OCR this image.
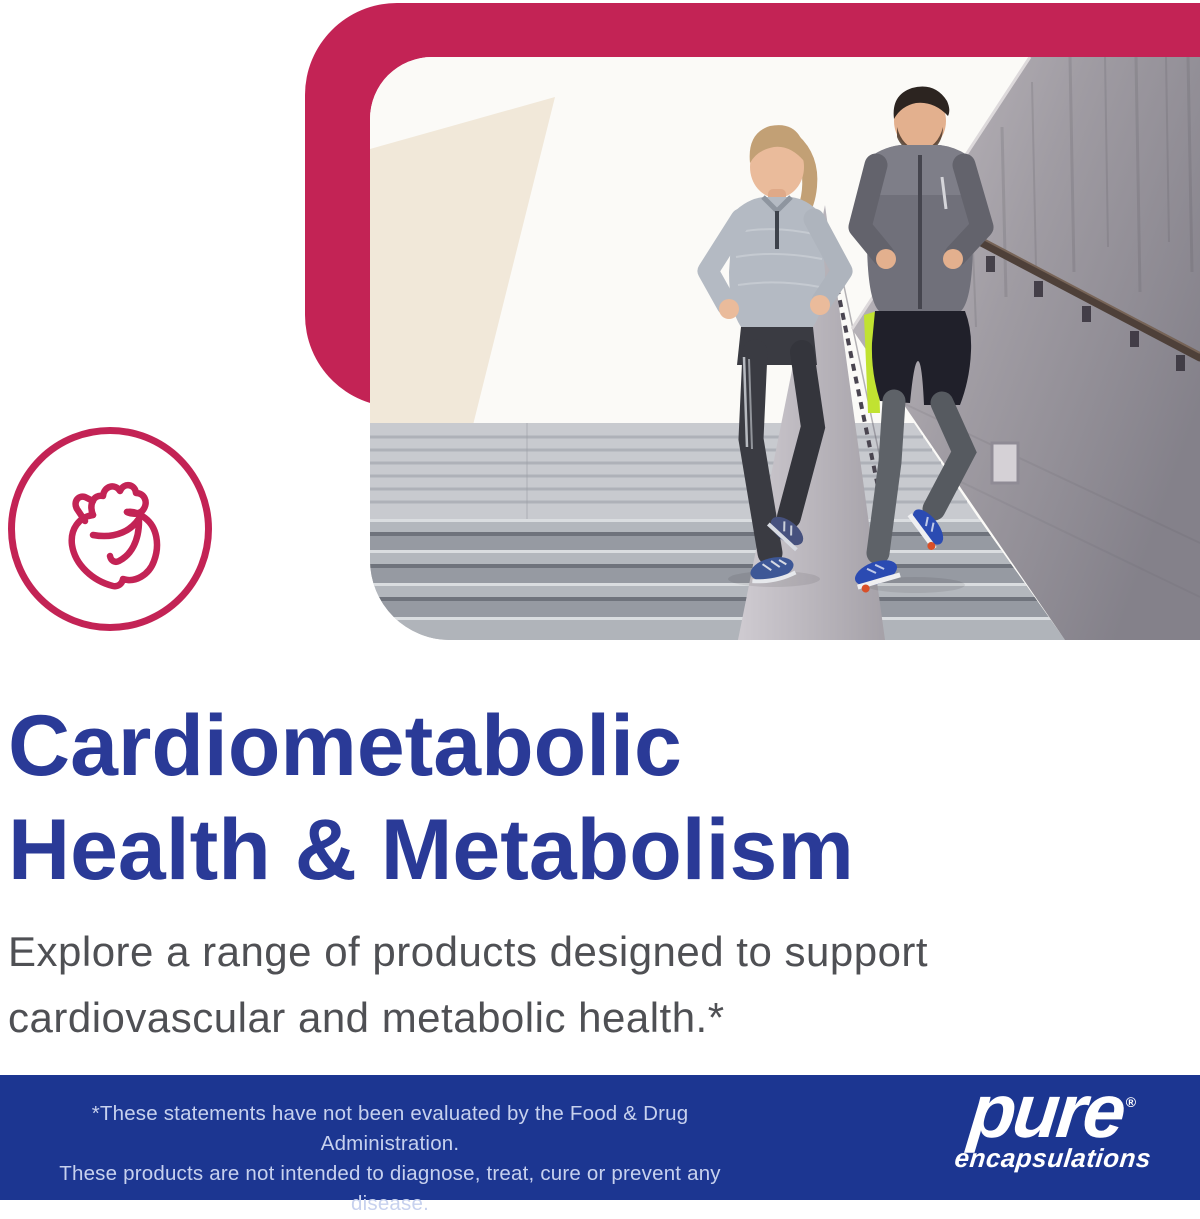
Cardiometabolic
Health & Metabolism

Explore a range of products designed to support
cardiovascular and metabolic health.*

*These statements have not been evaluated by the Food & Drug Administration.
These products are not intended to diagnose, treat, cure or prevent any disease.
pure®
encapsulations
